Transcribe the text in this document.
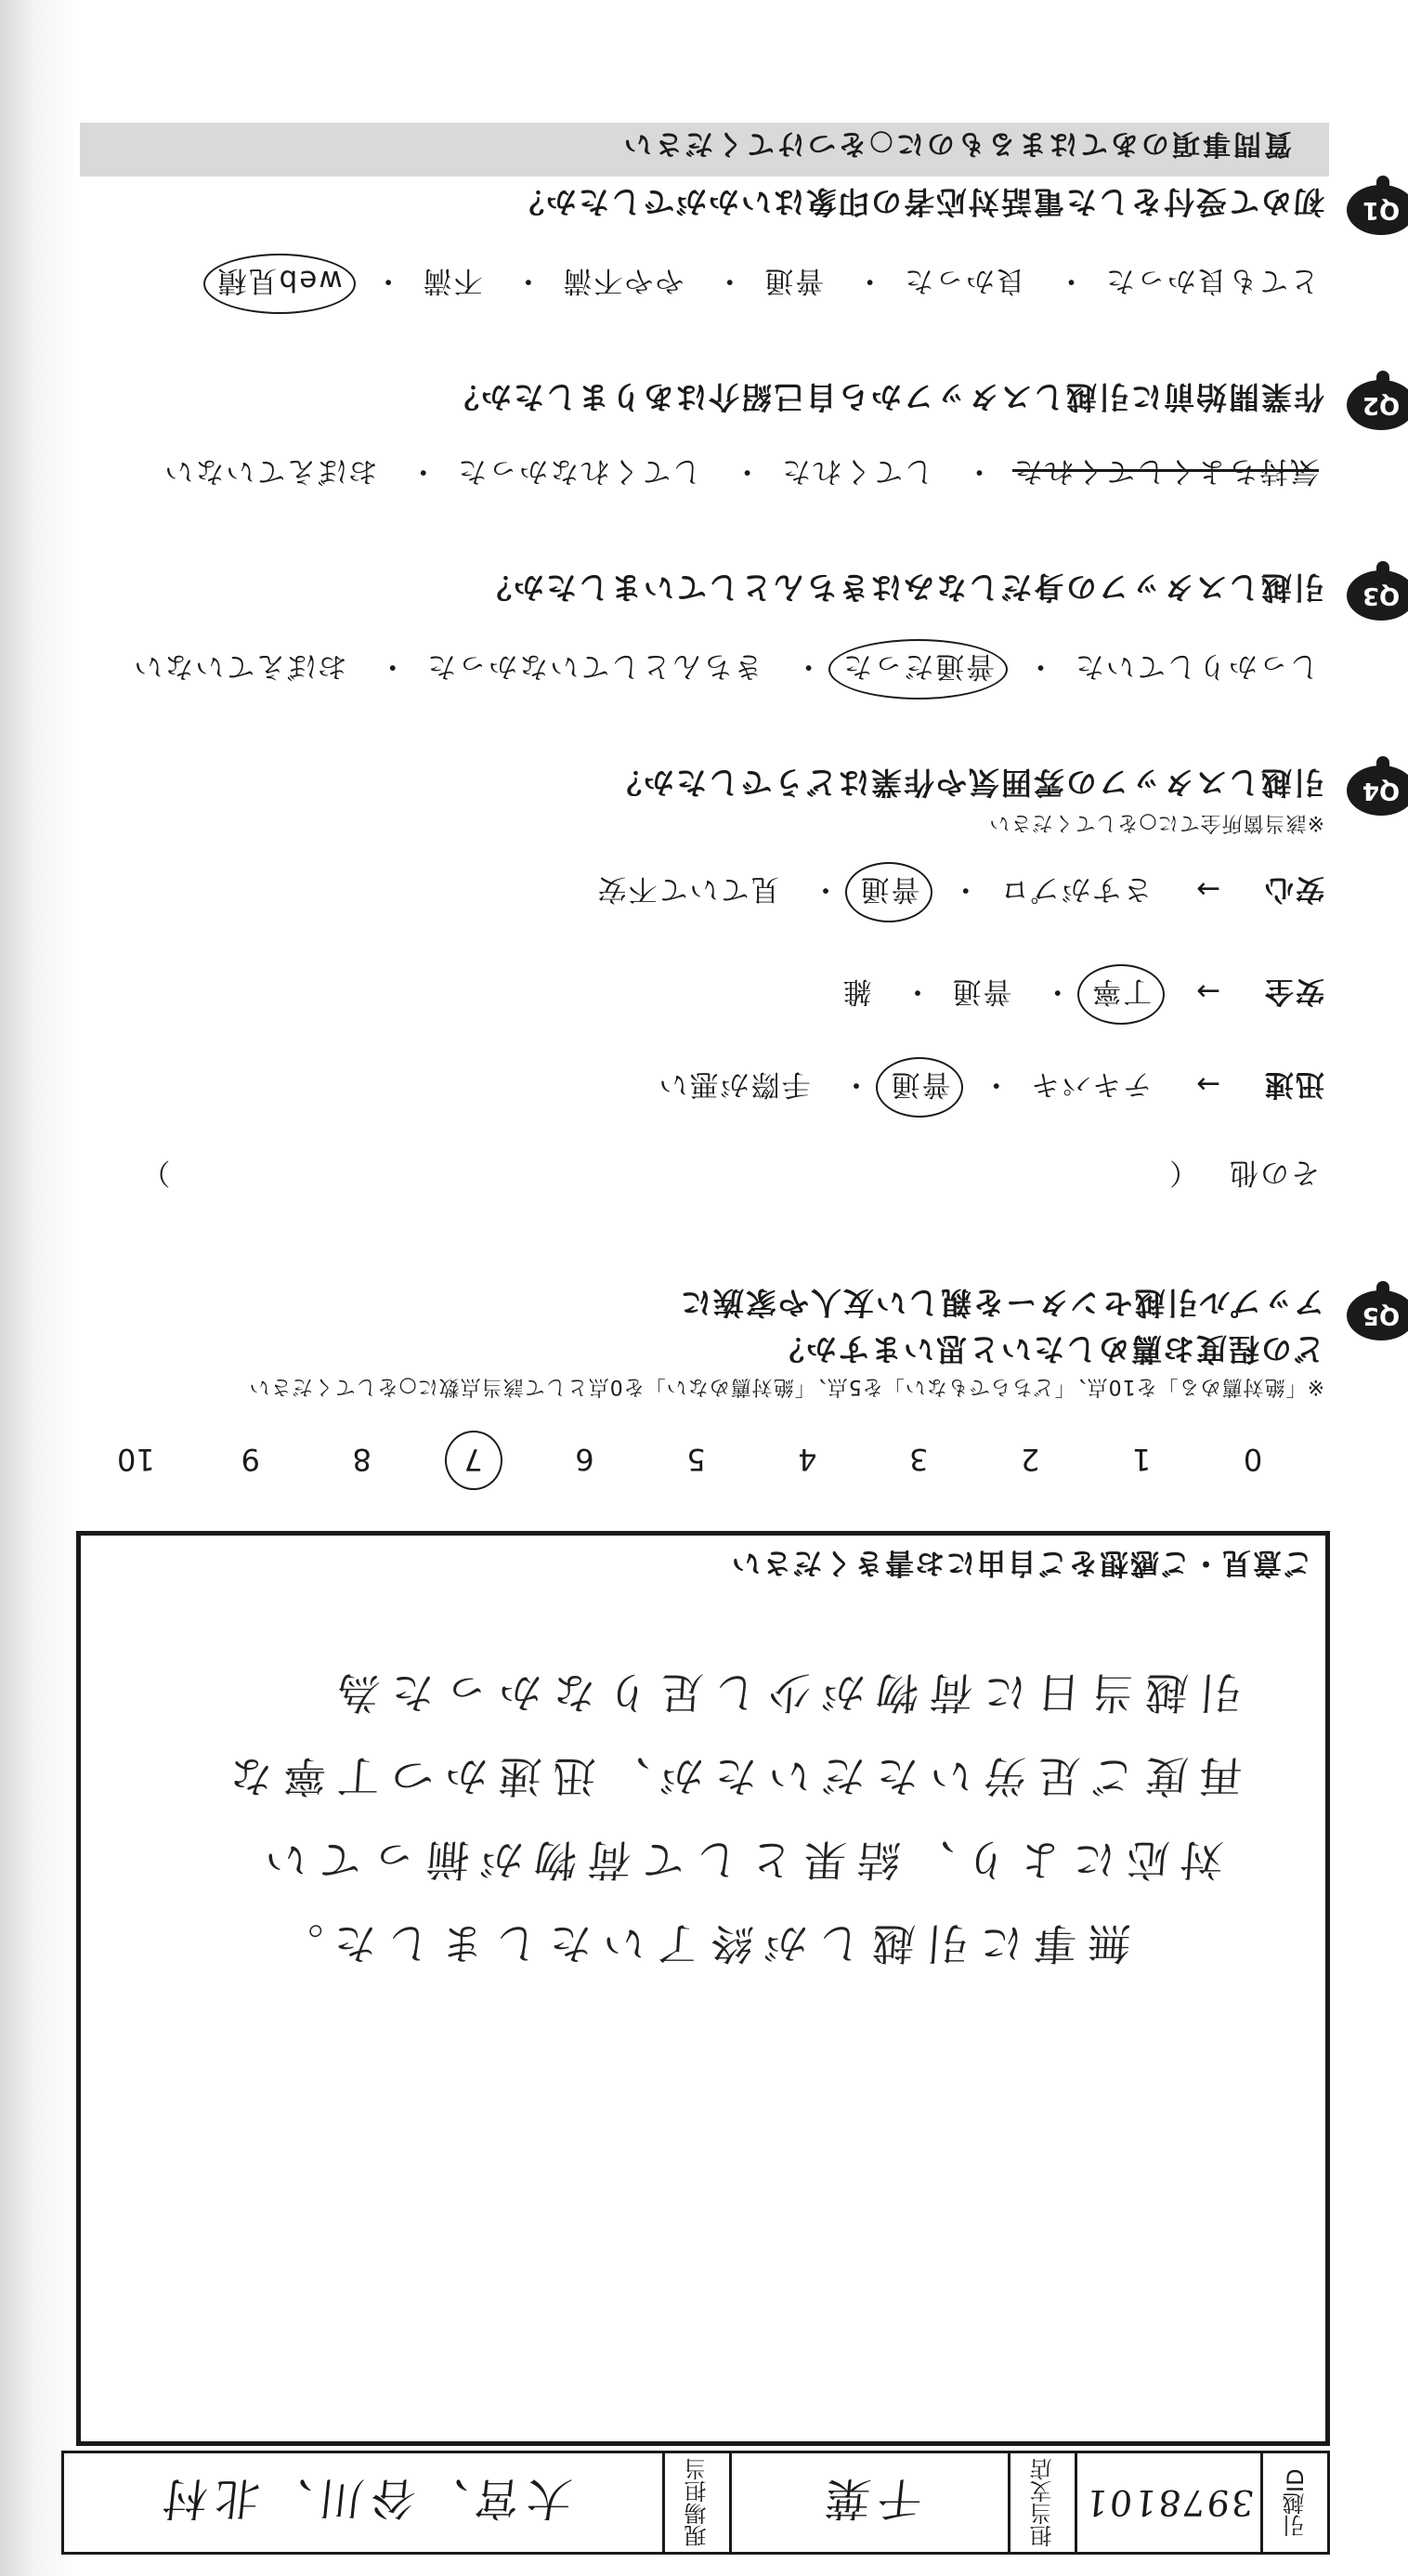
引越ID
3978101
担当支店
千葉
現場担当
大宮、谷川、北村
無事に引越しが終了いたしました。
対応により、結果として荷物が揃ってい
再度ご足労いただいたが、迅速かつ丁寧な
引越当日に荷物が少し足りなかった為
ご意見・ご感想をご自由にお書きください
10	9	8	7	6	5	4	3	2	1	0
※「絶対薦める」を10点、「どちらでもない」を5点、「絶対薦めない」を0点として該当点数に○をしてください
どの程度お薦めしたいと思いますか？
アップル引越センターを親しい友人や家族に	Q5
その他 （  ）
迅速 → テキパキ・ 普通・ 手際が悪い
安全 → 丁寧・ 普通・ 雑
安心 → さすがプロ・ 普通・ 見ていて不安
※該当箇所全てに○をしてください
引越しスタッフの雰囲気や作業はどうでしたか？	Q4
しっかりしていた・ 普通だった・ きちんとしていなかった・ おぼえていない
引越しスタッフの身だしなみはきちんとしていましたか？	Q3
気持ちよくしてくれた・ してくれた・ してくれなかった・ おぼえていない
作業開始前に引越しスタッフから自己紹介はありましたか？	Q2
とても良かった・ 良かった・ 普通・ やや不満・ 不満・ web見積
初めて受付をした電話対応者の印象はいかがでしたか？	Q1
質問事項のあてはまるものに○をつけてください
